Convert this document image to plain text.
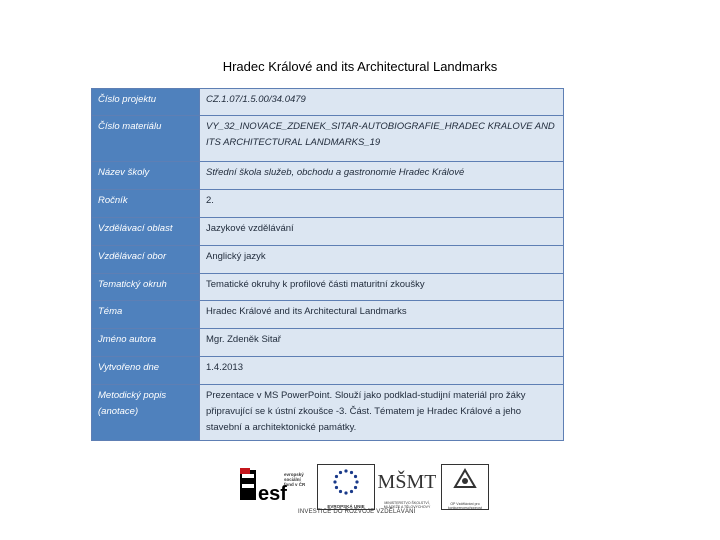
Hradec Králové and its Architectural Landmarks
Číslo projektu	CZ.1.07/1.5.00/34.0479
Číslo materiálu	VY_32_INOVACE_ZDENEK_SITAR-AUTOBIOGRAFIE_HRADEC KRALOVE AND ITS ARCHITECTURAL LANDMARKS_19
Název školy	Střední škola služeb, obchodu a gastronomie Hradec Králové
Ročník	2.
Vzdělávací oblast	Jazykové vzdělávání
Vzdělávací obor	Anglický jazyk
Tematický okruh	Tematické okruhy k profilové části maturitní zkoušky
Téma	Hradec Králové and its Architectural Landmarks
Jméno autora	Mgr. Zdeněk Sitař
Vytvořeno dne	1.4.2013
Metodický popis (anotace)	Prezentace v MS PowerPoint. Slouží jako podklad-studijní materiál pro žáky připravující se k ústní zkoušce -3. Část. Tématem je Hradec Králové a jeho stavební a architektonické památky.
esf
evropský
sociální
fond v ČR
EVROPSKÁ UNIE
MŠMT
MINISTERSTVO ŠKOLSTVÍ, MLÁDEŽE A TĚLOVÝCHOVY
OP Vzdělávání pro konkurenceschopnost
INVESTICE DO ROZVOJE VZDĚLÁVÁNÍ
